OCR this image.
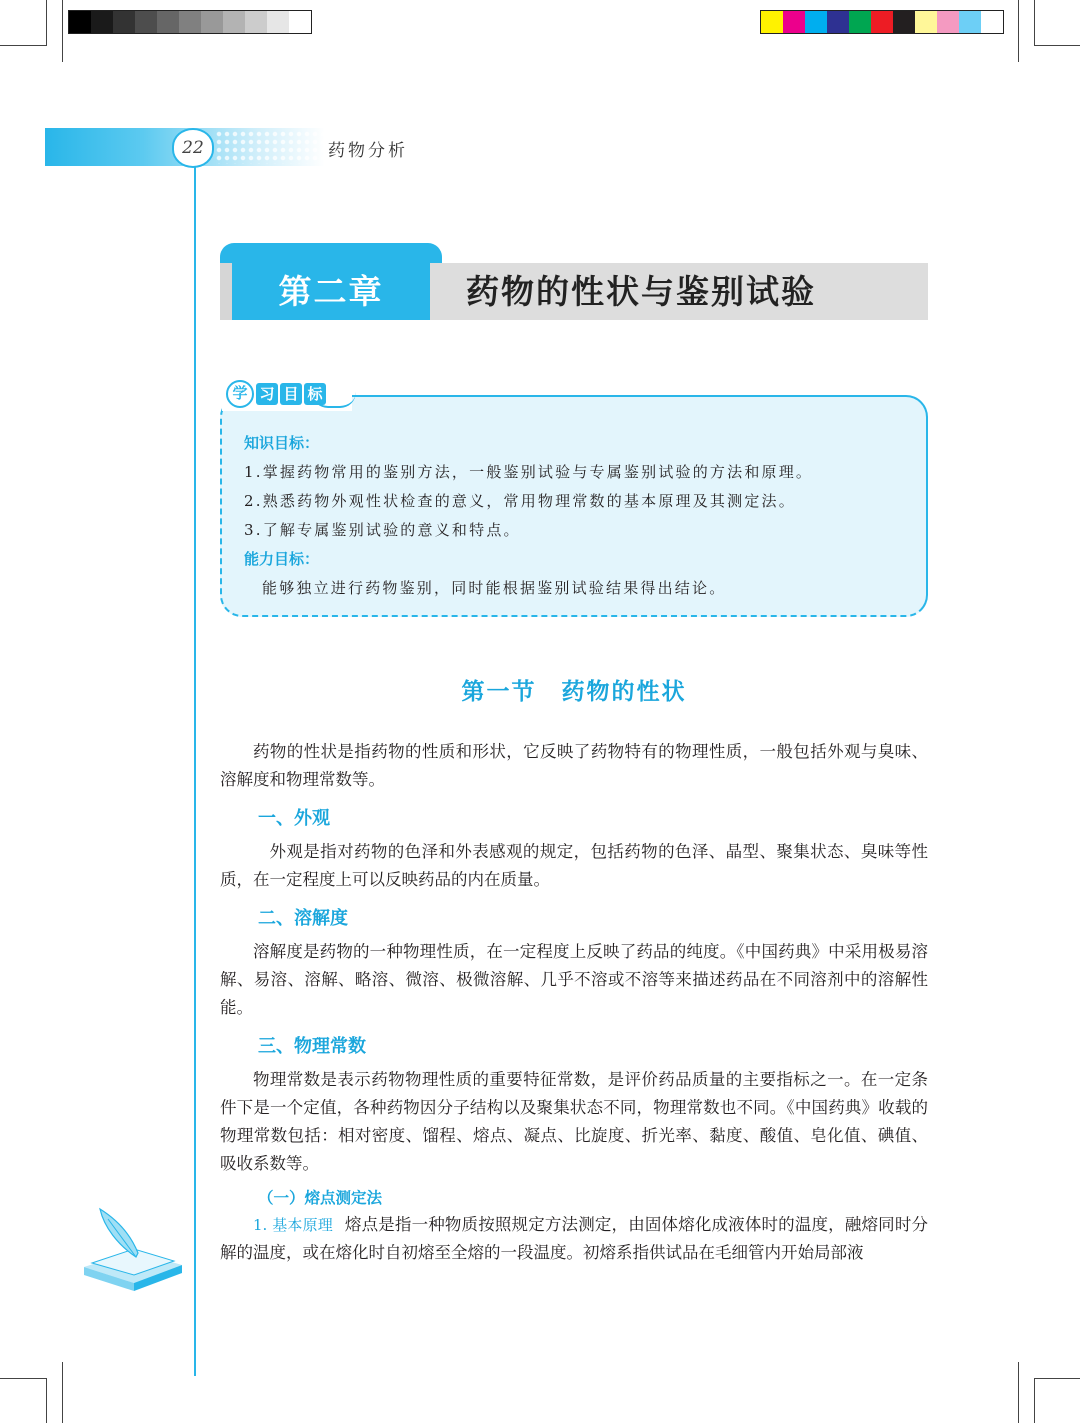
22	药物分析
第二章	药物的性状与鉴别试验
学 习 目 标
知识目标：
1.掌握药物常用的鉴别方法，一般鉴别试验与专属鉴别试验的方法和原理。
2.熟悉药物外观性状检查的意义，常用物理常数的基本原理及其测定法。
3.了解专属鉴别试验的意义和特点。
能力目标：
能够独立进行药物鉴别，同时能根据鉴别试验结果得出结论。
第一节　药物的性状

药物的性状是指药物的性质和形状，它反映了药物特有的物理性质，一般包括外观与臭味、溶解度和物理常数等。

一、外观

外观是指对药物的色泽和外表感观的规定，包括药物的色泽、晶型、聚集状态、臭味等性质，在一定程度上可以反映药品的内在质量。

二、溶解度

溶解度是药物的一种物理性质，在一定程度上反映了药品的纯度。《中国药典》中采用极易溶解、易溶、溶解、略溶、微溶、极微溶解、几乎不溶或不溶等来描述药品在不同溶剂中的溶解性能。

三、物理常数

物理常数是表示药物物理性质的重要特征常数，是评价药品质量的主要指标之一。在一定条件下是一个定值，各种药物因分子结构以及聚集状态不同，物理常数也不同。《中国药典》收载的物理常数包括：相对密度、馏程、熔点、凝点、比旋度、折光率、黏度、酸值、皂化值、碘值、吸收系数等。

（一）熔点测定法

1. 基本原理 熔点是指一种物质按照规定方法测定，由固体熔化成液体时的温度，融熔同时分解的温度，或在熔化时自初熔至全熔的一段温度。初熔系指供试品在毛细管内开始局部液
